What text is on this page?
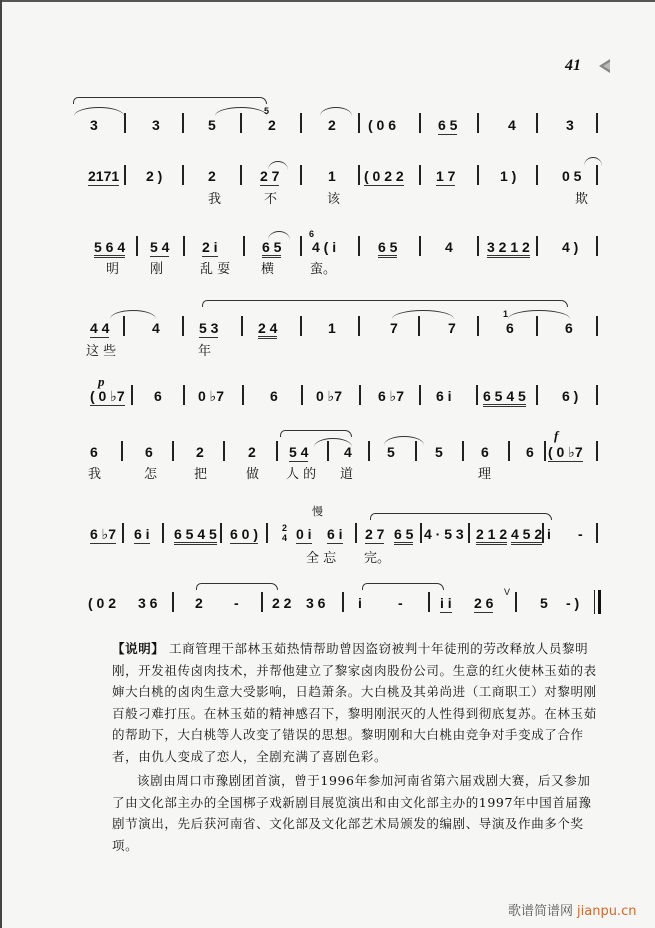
41
3	3	5
5
2	2 ( 0 6	6 5	4	3
2171 2 )	2	2 7	1 ( 0 2 2 1 7	1 )	0 5
我	不	该	欺
5 6 4 5 4 2 i	6 5
6
4 ( i	6 5	4 3 2 1 2 4 )
明 刚	乱 耍 横	蛮。
4 4	4	5 3	2 4	1	7	7
1
6	6
这 些	年
p
( 0 ♭7 6	0 ♭7	6	0 ♭7	6 ♭7 6 i 6 5 4 5	6 )
f
6	6	2	2 5 4	4	5	5	6	6 ( 0 ♭7
我	怎	把	做 人 的 道	理
慢
6 ♭7 6 i 6 5 4 5 6 0 )	2
4 0 i 6 i 2 7 6 5 4 · 5 3 2 1 2 4 5 2 i -
全 忘 完。
( 0 2 3 6	2 - 2 2 3 6 i	-	i i 2 6
V
5 - )

【说明】 工商管理干部林玉茹热情帮助曾因盗窃被判十年徒刑的劳改释放人员黎明刚，开发祖传卤肉技术，并帮他建立了黎家卤肉股份公司。生意的红火使林玉茹的表婶大白桃的卤肉生意大受影响，日趋萧条。大白桃及其弟尚进（工商职工）对黎明刚百般刁难打压。在林玉茹的精神感召下，黎明刚泯灭的人性得到彻底复苏。在林玉茹的帮助下，大白桃等人改变了错误的思想。黎明刚和大白桃由竞争对手变成了合作者，由仇人变成了恋人，全剧充满了喜剧色彩。

该剧由周口市豫剧团首演，曾于1996年参加河南省第六届戏剧大赛，后又参加了由文化部主办的全国梆子戏新剧目展览演出和由文化部主办的1997年中国首届豫剧节演出，先后获河南省、文化部及文化部艺术局颁发的编剧、导演及作曲多个奖项。

歌谱简谱网 jianpu.cn
